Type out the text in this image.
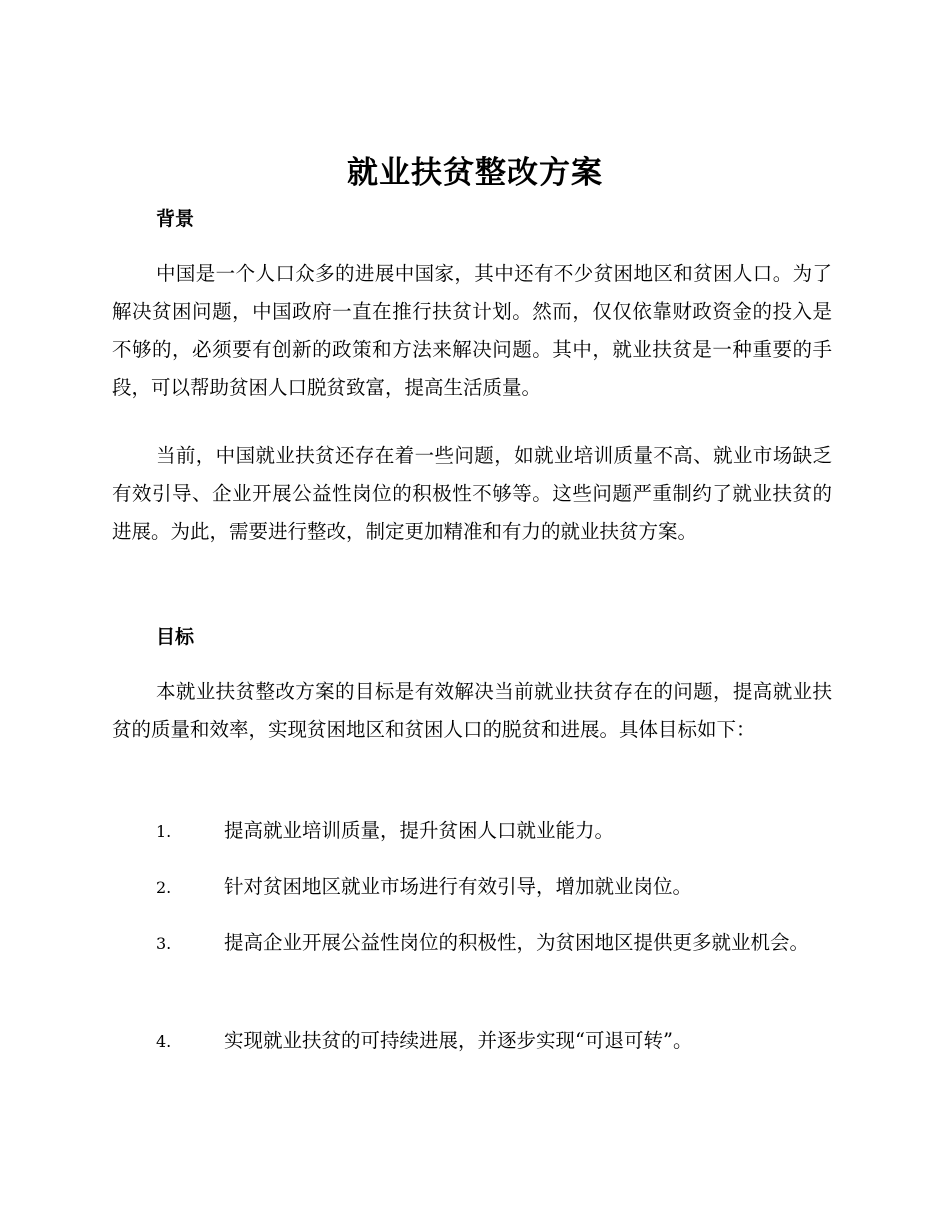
就业扶贫整改方案
背景

中国是一个人口众多的进展中国家，其中还有不少贫困地区和贫困人口。为了解决贫困问题，中国政府一直在推行扶贫计划。然而，仅仅依靠财政资金的投入是不够的，必须要有创新的政策和方法来解决问题。其中，就业扶贫是一种重要的手段，可以帮助贫困人口脱贫致富，提高生活质量。

当前，中国就业扶贫还存在着一些问题，如就业培训质量不高、就业市场缺乏有效引导、企业开展公益性岗位的积极性不够等。这些问题严重制约了就业扶贫的进展。为此，需要进行整改，制定更加精准和有力的就业扶贫方案。

目标

本就业扶贫整改方案的目标是有效解决当前就业扶贫存在的问题，提高就业扶贫的质量和效率，实现贫困地区和贫困人口的脱贫和进展。具体目标如下：

1.	提高就业培训质量，提升贫困人口就业能力。

2.	针对贫困地区就业市场进行有效引导，增加就业岗位。

3.	提高企业开展公益性岗位的积极性，为贫困地区提供更多就业机会。

4.	实现就业扶贫的可持续进展，并逐步实现“可退可转”。
